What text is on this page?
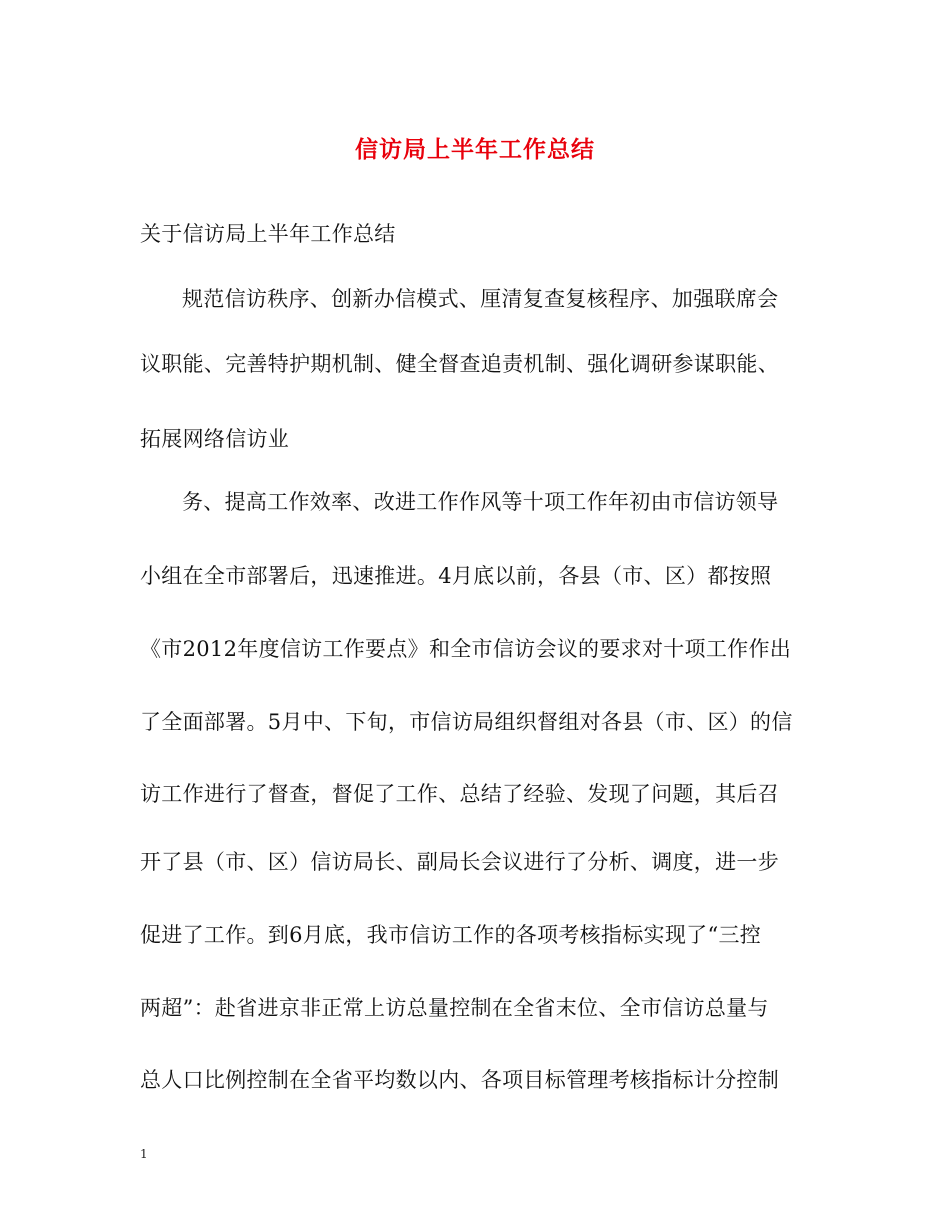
信访局上半年工作总结
关于信访局上半年工作总结
规范信访秩序、创新办信模式、厘清复查复核程序、加强联席会
议职能、完善特护期机制、健全督查追责机制、强化调研参谋职能、
拓展网络信访业
务、提高工作效率、改进工作作风等十项工作年初由市信访领导
小组在全市部署后，迅速推进。4月底以前，各县（市、区）都按照
《市2012年度信访工作要点》和全市信访会议的要求对十项工作作出
了全面部署。5月中、下旬，市信访局组织督组对各县（市、区）的信
访工作进行了督查，督促了工作、总结了经验、发现了问题，其后召
开了县（市、区）信访局长、副局长会议进行了分析、调度，进一步
促进了工作。到6月底，我市信访工作的各项考核指标实现了“三控
两超”：赴省进京非正常上访总量控制在全省末位、全市信访总量与
总人口比例控制在全省平均数以内、各项目标管理考核指标计分控制
1
